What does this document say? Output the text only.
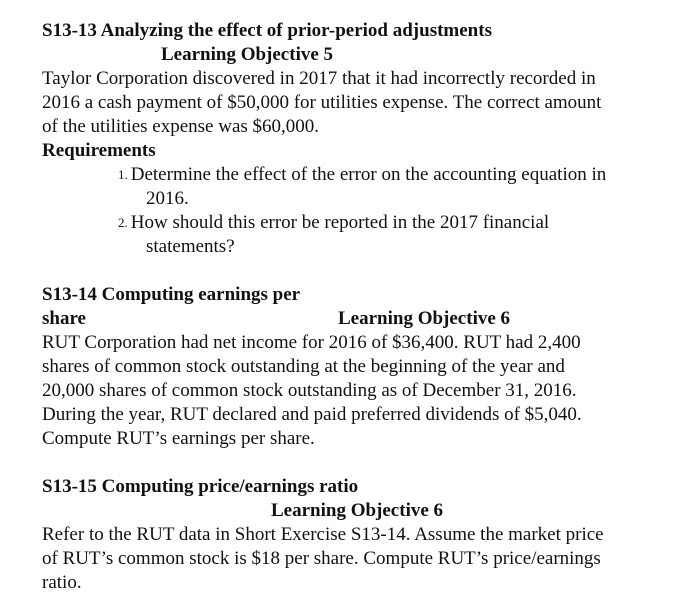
S13-13 Analyzing the effect of prior-period adjustments
Learning Objective 5
Taylor Corporation discovered in 2017 that it had incorrectly recorded in
2016 a cash payment of $50,000 for utilities expense. The correct amount
of the utilities expense was $60,000.
Requirements
1. Determine the effect of the error on the accounting equation in
2016.
2. How should this error be reported in the 2017 financial
statements?
S13-14 Computing earnings per
share	Learning Objective 6
RUT Corporation had net income for 2016 of $36,400. RUT had 2,400
shares of common stock outstanding at the beginning of the year and
20,000 shares of common stock outstanding as of December 31, 2016.
During the year, RUT declared and paid preferred dividends of $5,040.
Compute RUT’s earnings per share.
S13-15 Computing price/earnings ratio
Learning Objective 6
Refer to the RUT data in Short Exercise S13-14. Assume the market price
of RUT’s common stock is $18 per share. Compute RUT’s price/earnings
ratio.
